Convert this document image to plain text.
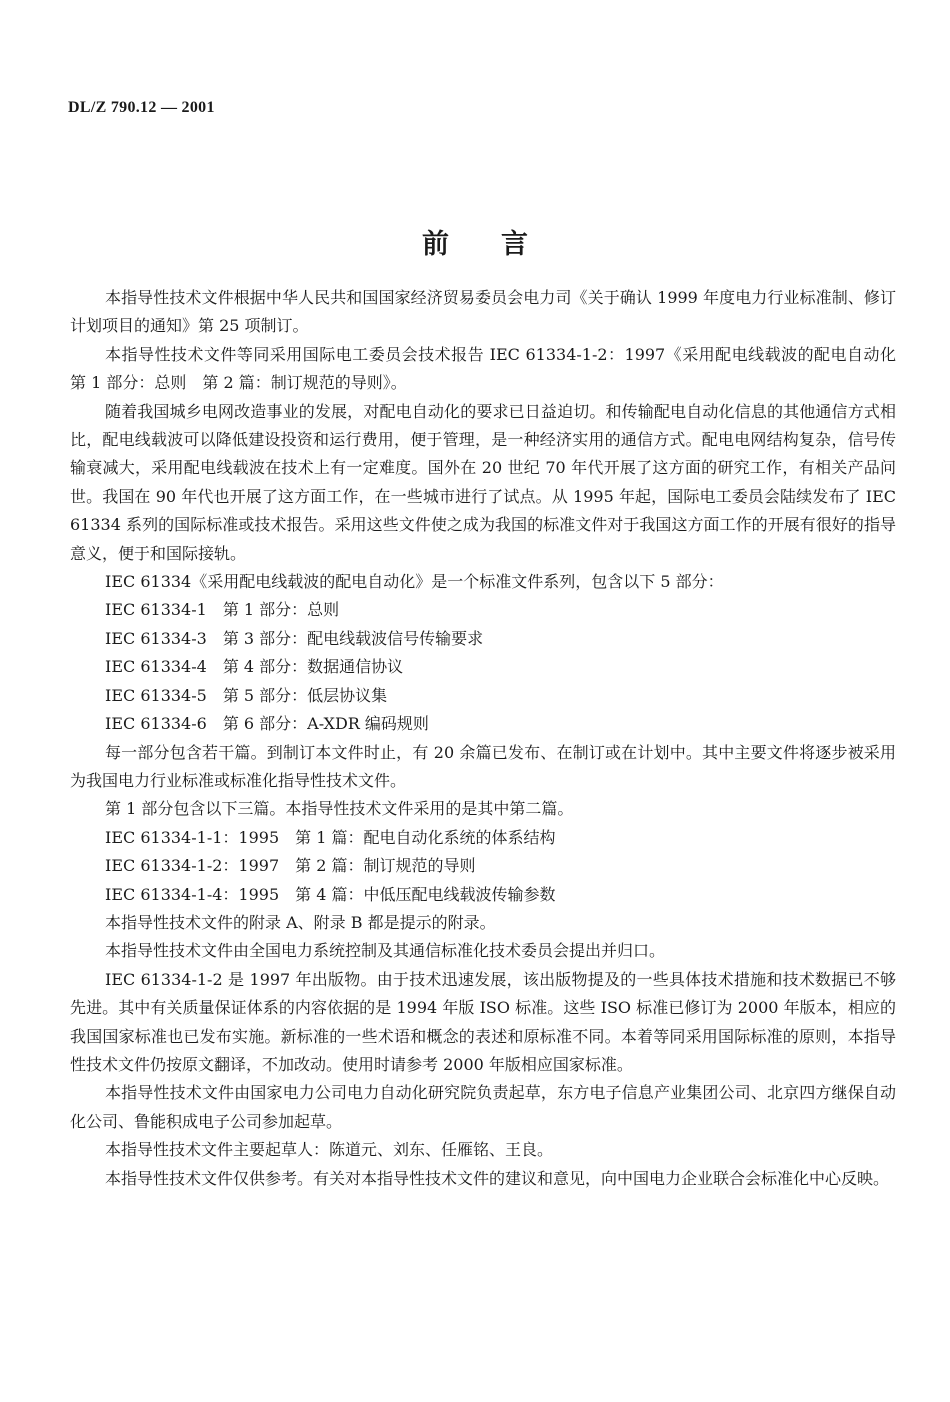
DL/Z 790.12 — 2001
前言

本指导性技术文件根据中华人民共和国国家经济贸易委员会电力司《关于确认 1999 年度电力行业标准制、修订计划项目的通知》第 25 项制订。

本指导性技术文件等同采用国际电工委员会技术报告 IEC 61334-1-2：1997《采用配电线载波的配电自动化　第 1 部分：总则　第 2 篇：制订规范的导则》。

随着我国城乡电网改造事业的发展，对配电自动化的要求已日益迫切。和传输配电自动化信息的其他通信方式相比，配电线载波可以降低建设投资和运行费用，便于管理，是一种经济实用的通信方式。配电电网结构复杂，信号传输衰减大，采用配电线载波在技术上有一定难度。国外在 20 世纪 70 年代开展了这方面的研究工作，有相关产品问世。我国在 90 年代也开展了这方面工作，在一些城市进行了试点。从 1995 年起，国际电工委员会陆续发布了 IEC 61334 系列的国际标准或技术报告。采用这些文件使之成为我国的标准文件对于我国这方面工作的开展有很好的指导意义，便于和国际接轨。

IEC 61334《采用配电线载波的配电自动化》是一个标准文件系列，包含以下 5 部分：

IEC 61334-1　第 1 部分：总则

IEC 61334-3　第 3 部分：配电线载波信号传输要求

IEC 61334-4　第 4 部分：数据通信协议

IEC 61334-5　第 5 部分：低层协议集

IEC 61334-6　第 6 部分：A-XDR 编码规则

每一部分包含若干篇。到制订本文件时止，有 20 余篇已发布、在制订或在计划中。其中主要文件将逐步被采用为我国电力行业标准或标准化指导性技术文件。

第 1 部分包含以下三篇。本指导性技术文件采用的是其中第二篇。

IEC 61334-1-1：1995　第 1 篇：配电自动化系统的体系结构

IEC 61334-1-2：1997　第 2 篇：制订规范的导则

IEC 61334-1-4：1995　第 4 篇：中低压配电线载波传输参数

本指导性技术文件的附录 A、附录 B 都是提示的附录。

本指导性技术文件由全国电力系统控制及其通信标准化技术委员会提出并归口。

IEC 61334-1-2 是 1997 年出版物。由于技术迅速发展，该出版物提及的一些具体技术措施和技术数据已不够先进。其中有关质量保证体系的内容依据的是 1994 年版 ISO 标准。这些 ISO 标准已修订为 2000 年版本，相应的我国国家标准也已发布实施。新标准的一些术语和概念的表述和原标准不同。本着等同采用国际标准的原则，本指导性技术文件仍按原文翻译，不加改动。使用时请参考 2000 年版相应国家标准。

本指导性技术文件由国家电力公司电力自动化研究院负责起草，东方电子信息产业集团公司、北京四方继保自动化公司、鲁能积成电子公司参加起草。

本指导性技术文件主要起草人：陈道元、刘东、任雁铭、王良。

本指导性技术文件仅供参考。有关对本指导性技术文件的建议和意见，向中国电力企业联合会标准化中心反映。
